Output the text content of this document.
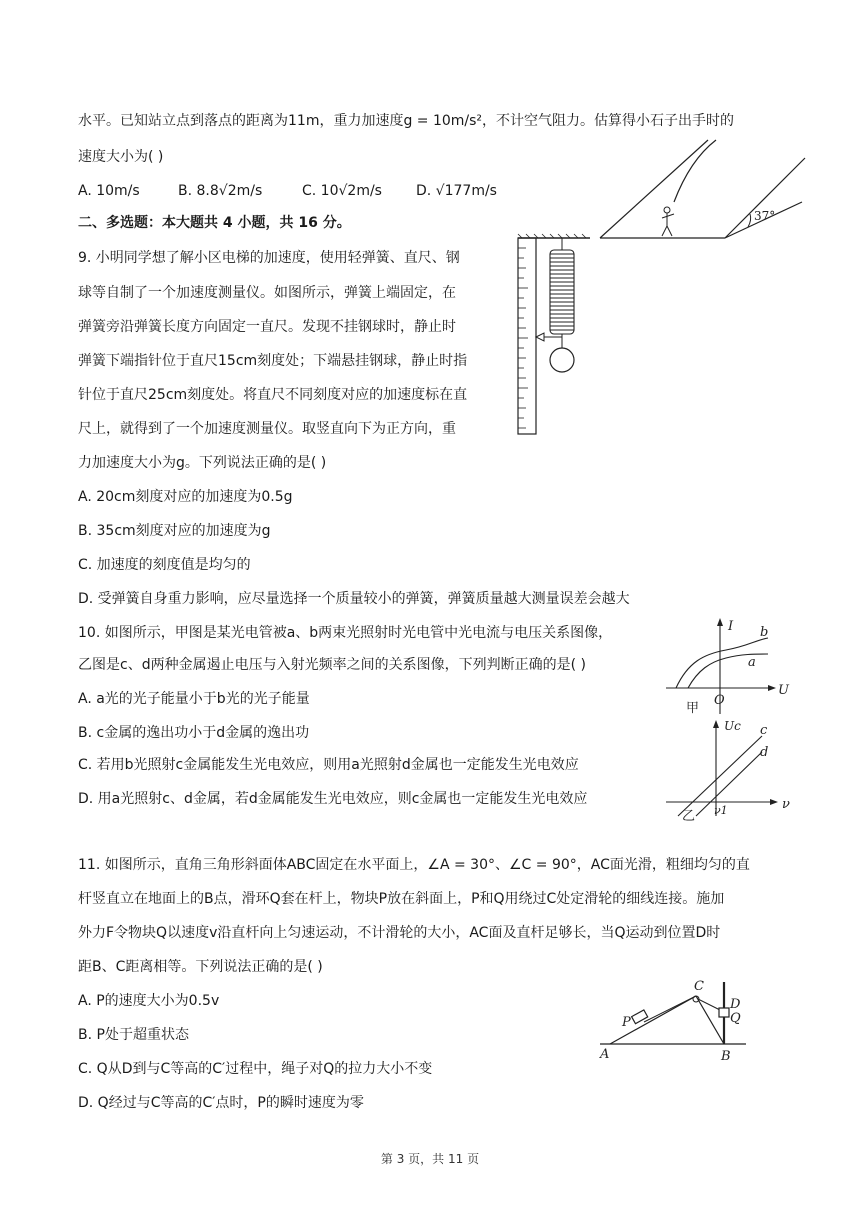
水平。已知站立点到落点的距离为11m，重力加速度g = 10m/s²，不计空气阻力。估算得小石子出手时的
速度大小为( )
A. 10m/s	B. 8.8√2m/s	C. 10√2m/s D. √177m/s
37°
二、多选题：本大题共 4 小题，共 16 分。
9. 小明同学想了解小区电梯的加速度，使用轻弹簧、直尺、钢
球等自制了一个加速度测量仪。如图所示，弹簧上端固定，在
弹簧旁沿弹簧长度方向固定一直尺。发现不挂钢球时，静止时
弹簧下端指针位于直尺15cm刻度处；下端悬挂钢球，静止时指
针位于直尺25cm刻度处。将直尺不同刻度对应的加速度标在直
尺上，就得到了一个加速度测量仪。取竖直向下为正方向，重
力加速度大小为g。下列说法正确的是( )
A. 20cm刻度对应的加速度为0.5g
B. 35cm刻度对应的加速度为g
C. 加速度的刻度值是均匀的
D. 受弹簧自身重力影响，应尽量选择一个质量较小的弹簧，弹簧质量越大测量误差会越大
10. 如图所示，甲图是某光电管被a、b两束光照射时光电管中光电流与电压关系图像，
乙图是c、d两种金属遏止电压与入射光频率之间的关系图像，下列判断正确的是( )
A. a光的光子能量小于b光的光子能量
B. c金属的逸出功小于d金属的逸出功
C. 若用b光照射c金属能发生光电效应，则用a光照射d金属也一定能发生光电效应
D. 用a光照射c、d金属，若d金属能发生光电效应，则c金属也一定能发生光电效应
I
U
O
b
a
甲
Uc
ν
ν1
c
d
乙
11. 如图所示，直角三角形斜面体ABC固定在水平面上，∠A = 30°、∠C = 90°，AC面光滑，粗细均匀的直
杆竖直立在地面上的B点，滑环Q套在杆上，物块P放在斜面上，P和Q用绕过C处定滑轮的细线连接。施加
外力F令物块Q以速度v沿直杆向上匀速运动，不计滑轮的大小，AC面及直杆足够长，当Q运动到位置D时
距B、C距离相等。下列说法正确的是( )
A. P的速度大小为0.5v
B. P处于超重状态
C. Q从D到与C等高的C′过程中，绳子对Q的拉力大小不变
D. Q经过与C等高的C′点时，P的瞬时速度为零
A	B
C
D
Q
P
第 3 页，共 11 页
